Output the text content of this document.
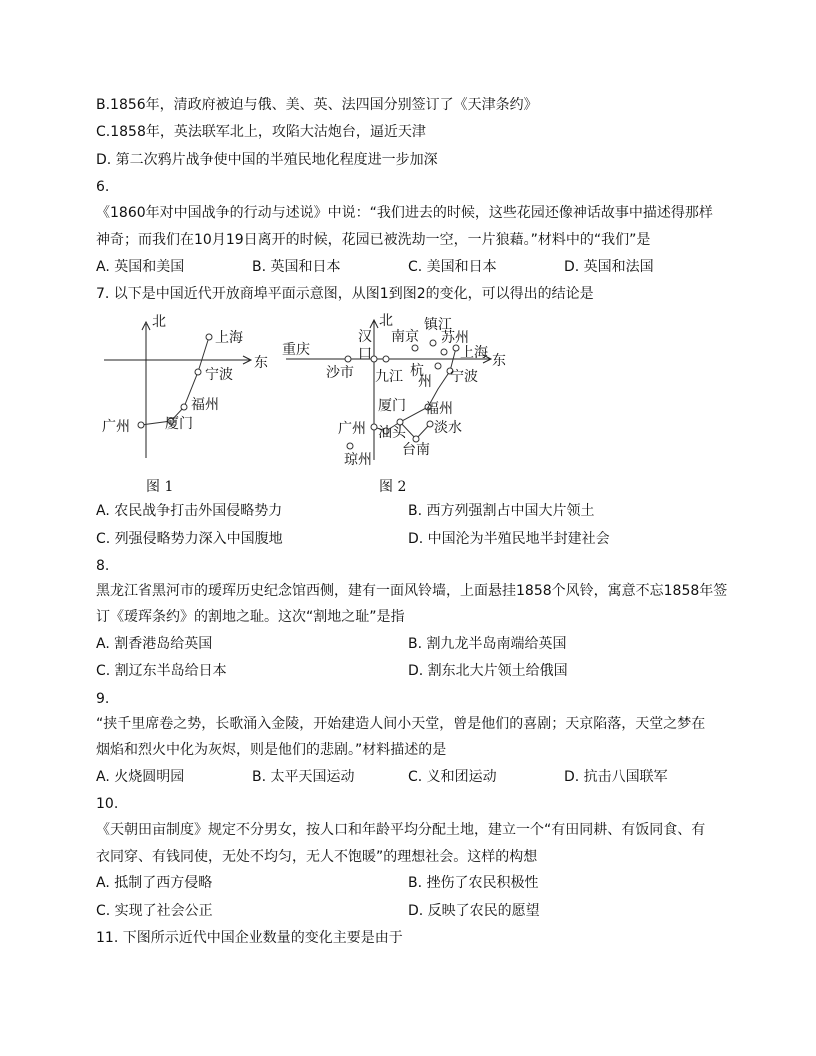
B.1856年，清政府被迫与俄、美、英、法四国分别签订了《天津条约》
C.1858年，英法联军北上，攻陷大沽炮台，逼近天津
D. 第二次鸦片战争使中国的半殖民地化程度进一步加深
6.
《1860年对中国战争的行动与述说》中说：“我们进去的时候，这些花园还像神话故事中描述得那样
神奇；而我们在10月19日离开的时候，花园已被洗劫一空，一片狼藉。”材料中的“我们”是
A. 英国和美国	B. 英国和日本	C. 美国和日本	D. 英国和法国
7. 以下是中国近代开放商埠平面示意图，从图1到图2的变化，可以得出的结论是
北
东
上海
宁波
福州
厦门
广州
图 1
北
东
重庆
汉
口
沙市
南京
镇江
苏州
上海
九江 杭
州 宁波
厦门 福州
广州 汕头 淡水
台南
琼州
图 2
A. 农民战争打击外国侵略势力	B. 西方列强割占中国大片领土
C. 列强侵略势力深入中国腹地	D. 中国沦为半殖民地半封建社会
8.
黑龙江省黑河市的瑷珲历史纪念馆西侧，建有一面风铃墙，上面悬挂1858个风铃，寓意不忘1858年签
订《瑷珲条约》的割地之耻。这次“割地之耻”是指
A. 割香港岛给英国	B. 割九龙半岛南端给英国
C. 割辽东半岛给日本	D. 割东北大片领土给俄国
9.
“挟千里席卷之势，长歌涌入金陵，开始建造人间小天堂，曾是他们的喜剧；天京陷落，天堂之梦在
烟焰和烈火中化为灰烬，则是他们的悲剧。”材料描述的是
A. 火烧圆明园	B. 太平天国运动	C. 义和团运动	D. 抗击八国联军
10.
《天朝田亩制度》规定不分男女，按人口和年龄平均分配土地，建立一个“有田同耕、有饭同食、有
衣同穿、有钱同使，无处不均匀，无人不饱暖”的理想社会。这样的构想
A. 抵制了西方侵略	B. 挫伤了农民积极性
C. 实现了社会公正	D. 反映了农民的愿望
11. 下图所示近代中国企业数量的变化主要是由于
